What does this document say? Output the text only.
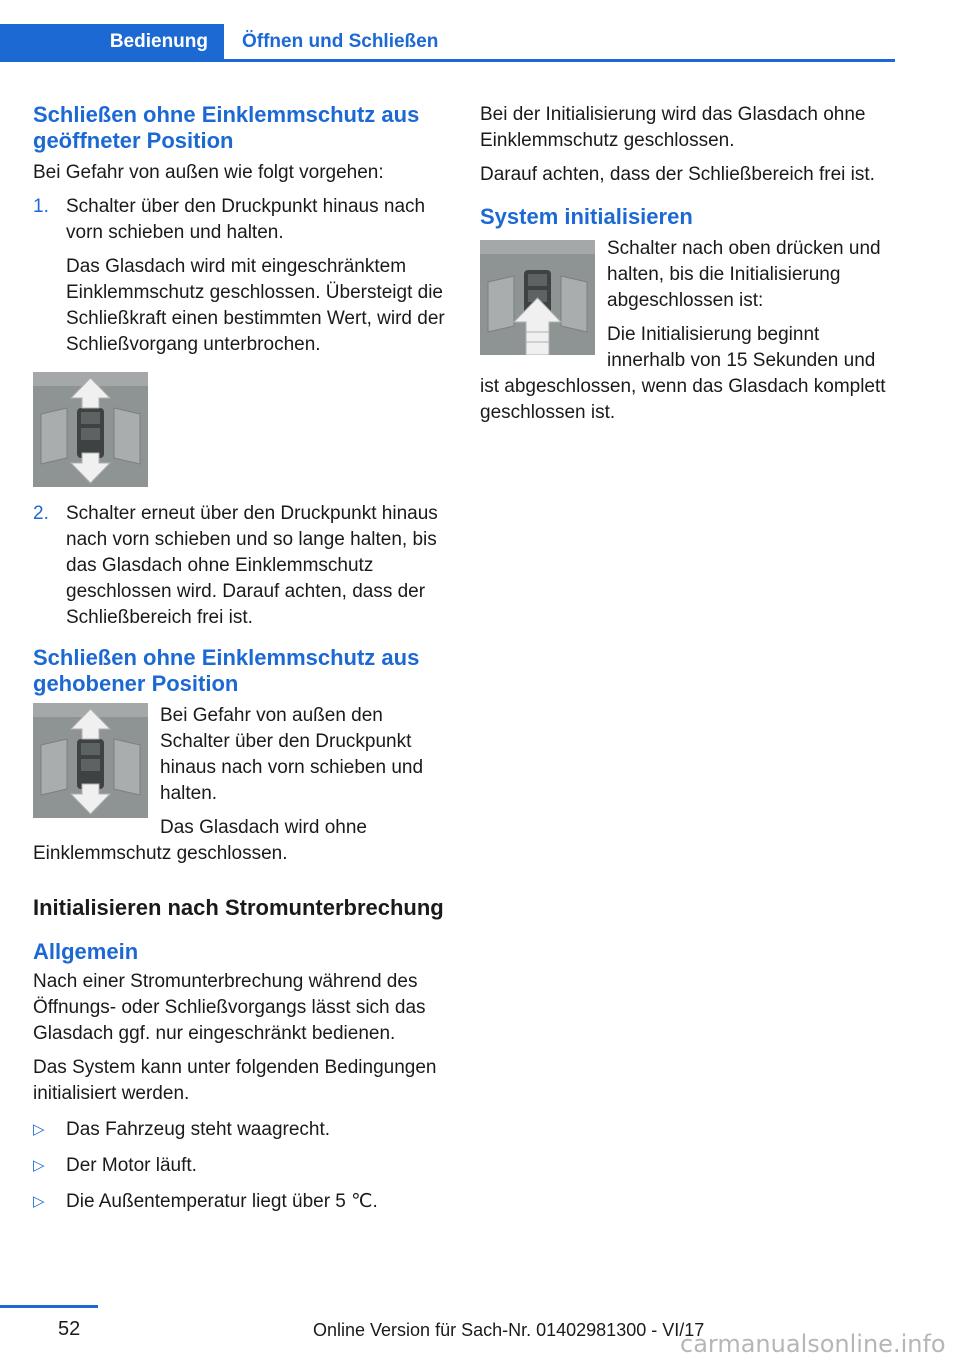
Bedienung Öffnen und Schließen
Schließen ohne Einklemmschutz aus geöffneter Position

Bei Gefahr von außen wie folgt vorgehen:

1. Schalter über den Druckpunkt hinaus nach vorn schieben und halten.

Das Glasdach wird mit eingeschränktem Einklemmschutz geschlossen. Übersteigt die Schließkraft einen bestimmten Wert, wird der Schließvorgang unterbrochen.

2. Schalter erneut über den Druckpunkt hinaus nach vorn schieben und so lange halten, bis das Glasdach ohne Einklemmschutz geschlossen wird. Darauf achten, dass der Schließbereich frei ist.

Schließen ohne Einklemmschutz aus gehobener Position

Bei Gefahr von außen den Schalter über den Druckpunkt hinaus nach vorn schieben und halten.

Das Glasdach wird ohne Einklemmschutz geschlossen.

Initialisieren nach Stromunterbrechung
Allgemein

Nach einer Stromunterbrechung während des Öffnungs- oder Schließvorgangs lässt sich das Glasdach ggf. nur eingeschränkt bedienen.

Das System kann unter folgenden Bedingungen initialisiert werden.

▷ Das Fahrzeug steht waagrecht.
▷ Der Motor läuft.
▷ Die Außentemperatur liegt über 5 ℃.

Bei der Initialisierung wird das Glasdach ohne Einklemmschutz geschlossen.

Darauf achten, dass der Schließbereich frei ist.

System initialisieren

Schalter nach oben drücken und halten, bis die Initialisierung abgeschlossen ist:

Die Initialisierung beginnt innerhalb von 15 Sekunden und ist abgeschlossen, wenn das Glasdach komplett geschlossen ist.

52	Online Version für Sach-Nr. 01402981300 - VI/17
carmanualsonline.info
